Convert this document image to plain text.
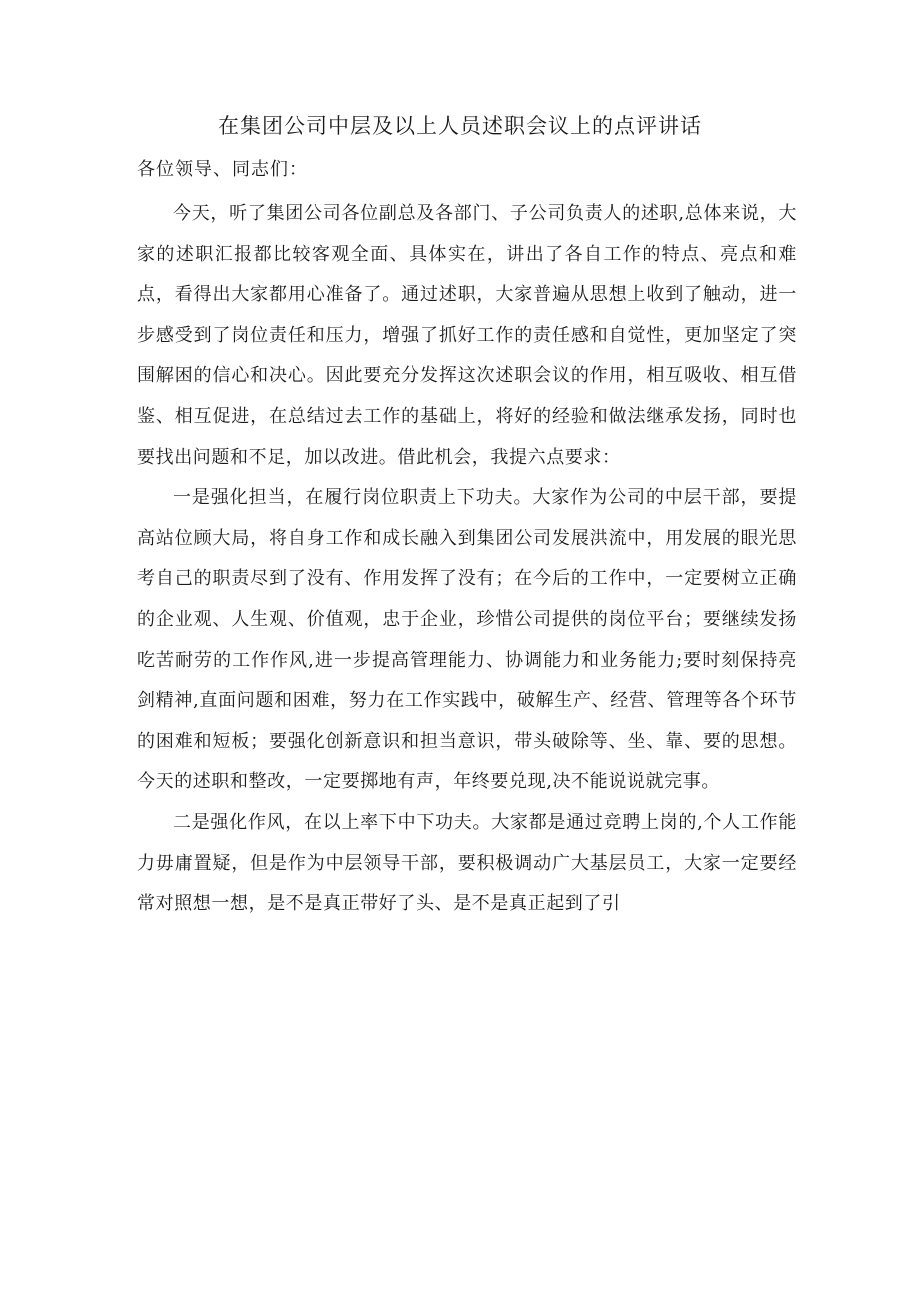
在集团公司中层及以上人员述职会议上的点评讲话

各位领导、同志们：

今天，听了集团公司各位副总及各部门、子公司负责人的述职,总体来说，大家的述职汇报都比较客观全面、具体实在，讲出了各自工作的特点、亮点和难点，看得出大家都用心准备了。通过述职，大家普遍从思想上收到了触动，进一步感受到了岗位责任和压力，增强了抓好工作的责任感和自觉性，更加坚定了突围解困的信心和决心。因此要充分发挥这次述职会议的作用，相互吸收、相互借鉴、相互促进，在总结过去工作的基础上，将好的经验和做法继承发扬，同时也要找出问题和不足，加以改进。借此机会，我提六点要求：

一是强化担当，在履行岗位职责上下功夫。大家作为公司的中层干部，要提高站位顾大局，将自身工作和成长融入到集团公司发展洪流中，用发展的眼光思考自己的职责尽到了没有、作用发挥了没有；在今后的工作中，一定要树立正确的企业观、人生观、价值观，忠于企业，珍惜公司提供的岗位平台；要继续发扬吃苦耐劳的工作作风,进一步提高管理能力、协调能力和业务能力;要时刻保持亮剑精神,直面问题和困难，努力在工作实践中，破解生产、经营、管理等各个环节的困难和短板；要强化创新意识和担当意识，带头破除等、坐、靠、要的思想。今天的述职和整改，一定要掷地有声，年终要兑现,决不能说说就完事。

二是强化作风，在以上率下中下功夫。大家都是通过竞聘上岗的,个人工作能力毋庸置疑，但是作为中层领导干部，要积极调动广大基层员工，大家一定要经常对照想一想，是不是真正带好了头、是不是真正起到了引
